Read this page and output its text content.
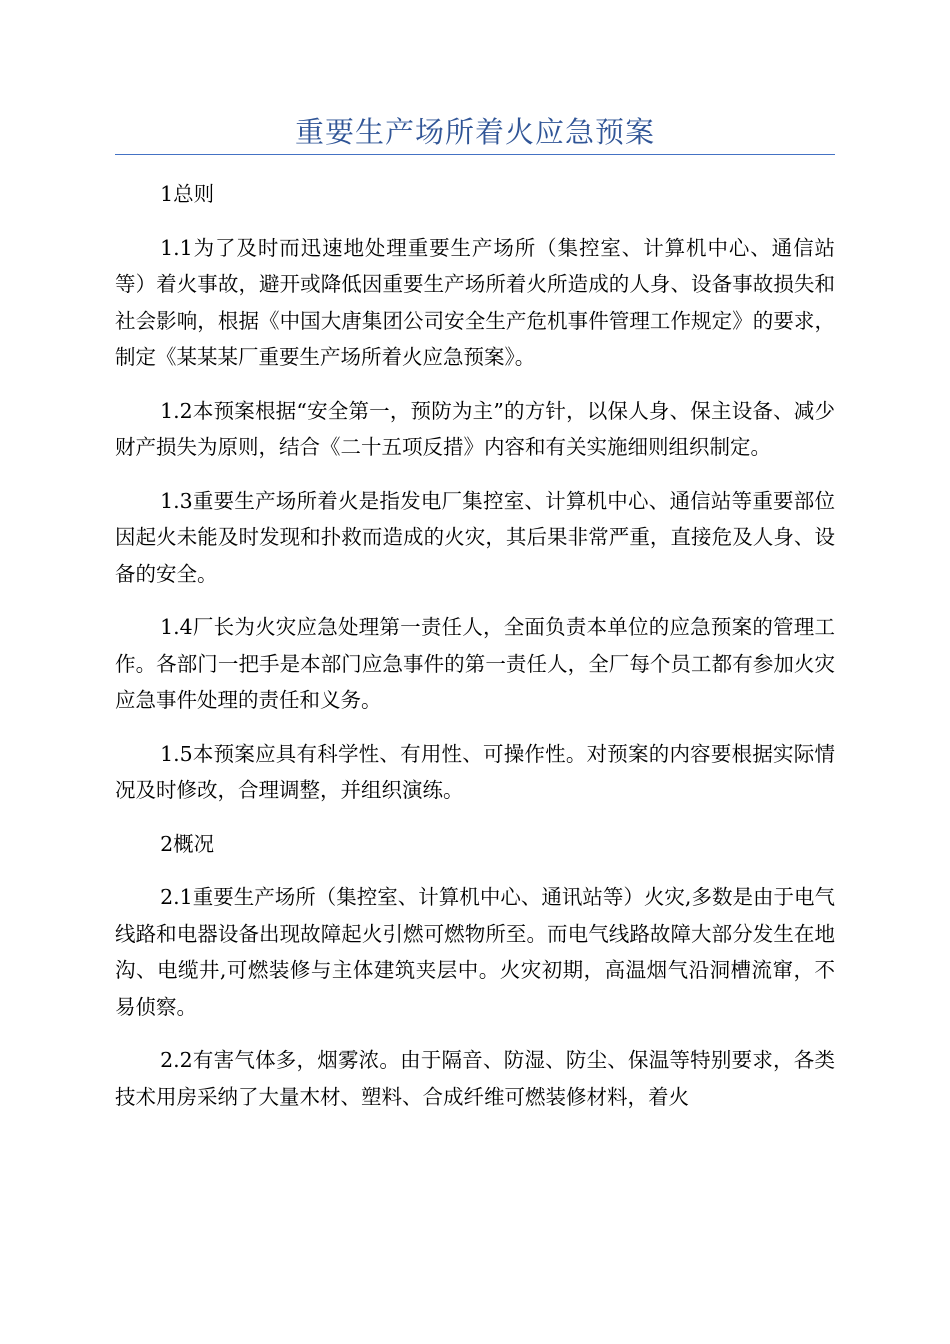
重要生产场所着火应急预案

1总则

1.1为了及时而迅速地处理重要生产场所（集控室、计算机中心、通信站等）着火事故，避开或降低因重要生产场所着火所造成的人身、设备事故损失和社会影响，根据《中国大唐集团公司安全生产危机事件管理工作规定》的要求，制定《某某某厂重要生产场所着火应急预案》。

1.2本预案根据“安全第一，预防为主”的方针，以保人身、保主设备、减少财产损失为原则，结合《二十五项反措》内容和有关实施细则组织制定。

1.3重要生产场所着火是指发电厂集控室、计算机中心、通信站等重要部位因起火未能及时发现和扑救而造成的火灾，其后果非常严重，直接危及人身、设备的安全。

1.4厂长为火灾应急处理第一责任人，全面负责本单位的应急预案的管理工作。各部门一把手是本部门应急事件的第一责任人，全厂每个员工都有参加火灾应急事件处理的责任和义务。

1.5本预案应具有科学性、有用性、可操作性。对预案的内容要根据实际情况及时修改，合理调整，并组织演练。

2概况

2.1重要生产场所（集控室、计算机中心、通讯站等）火灾,多数是由于电气线路和电器设备出现故障起火引燃可燃物所至。而电气线路故障大部分发生在地沟、电缆井,可燃装修与主体建筑夹层中。火灾初期，高温烟气沿洞槽流窜，不易侦察。

2.2有害气体多，烟雾浓。由于隔音、防湿、防尘、保温等特别要求，各类技术用房采纳了大量木材、塑料、合成纤维可燃装修材料，着火
